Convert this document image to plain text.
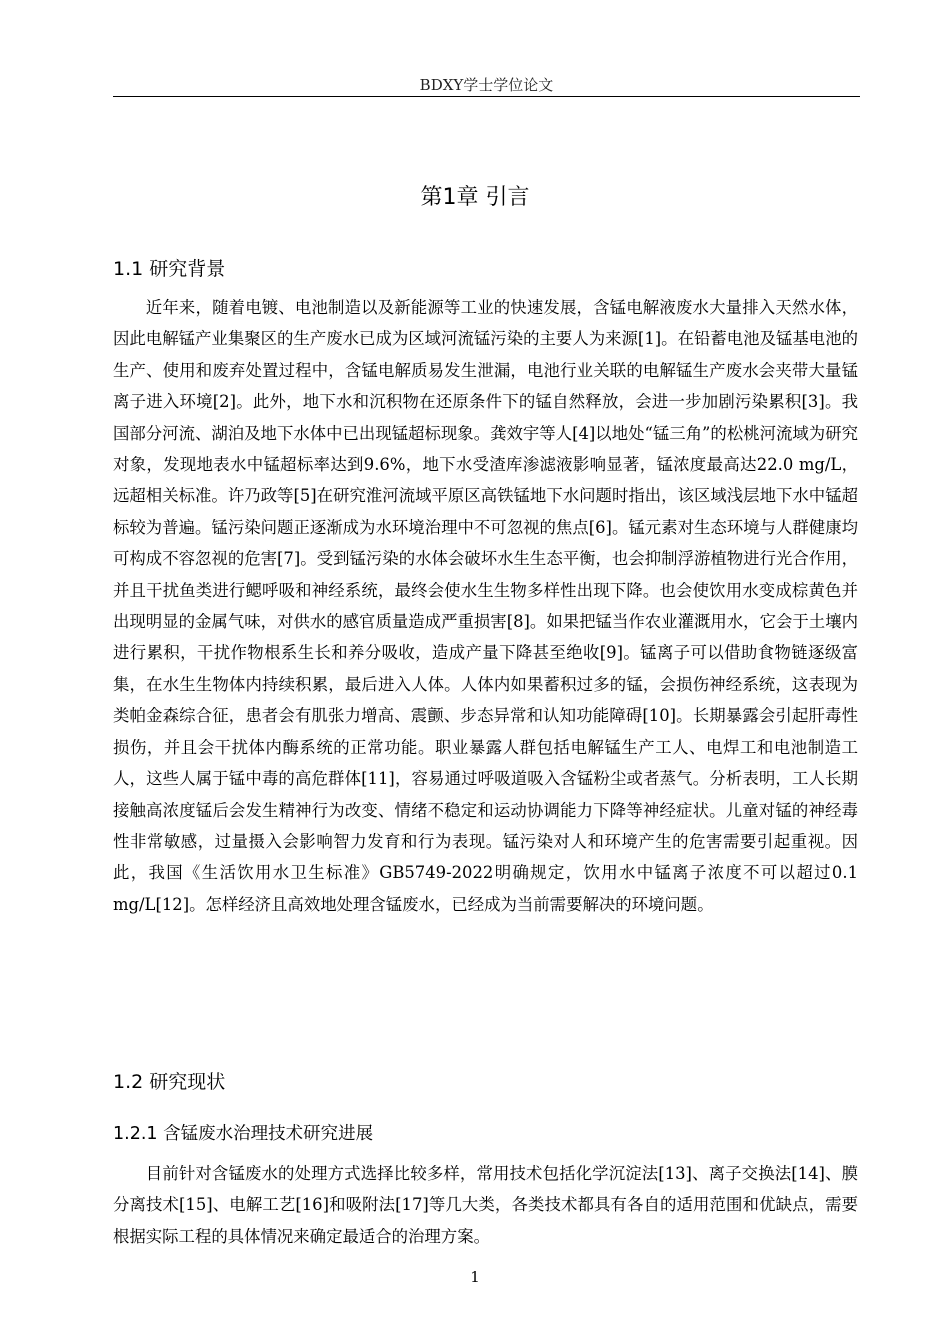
BDXY学士学位论文
第1章 引言
1.1 研究背景

近年来，随着电镀、电池制造以及新能源等工业的快速发展，含锰电解液废水大量排入天然水体，因此电解锰产业集聚区的生产废水已成为区域河流锰污染的主要人为来源[1]。在铅蓄电池及锰基电池的生产、使用和废弃处置过程中，含锰电解质易发生泄漏，电池行业关联的电解锰生产废水会夹带大量锰离子进入环境[2]。此外，地下水和沉积物在还原条件下的锰自然释放，会进一步加剧污染累积[3]。我国部分河流、湖泊及地下水体中已出现锰超标现象。龚效宇等人[4]以地处“锰三角”的松桃河流域为研究对象，发现地表水中锰超标率达到9.6%，地下水受渣库渗滤液影响显著，锰浓度最高达22.0 mg/L，远超相关标准。许乃政等[5]在研究淮河流域平原区高铁锰地下水问题时指出，该区域浅层地下水中锰超标较为普遍。锰污染问题正逐渐成为水环境治理中不可忽视的焦点[6]。锰元素对生态环境与人群健康均可构成不容忽视的危害[7]。受到锰污染的水体会破坏水生生态平衡，也会抑制浮游植物进行光合作用，并且干扰鱼类进行鳃呼吸和神经系统，最终会使水生生物多样性出现下降。也会使饮用水变成棕黄色并出现明显的金属气味，对供水的感官质量造成严重损害[8]。如果把锰当作农业灌溉用水，它会于土壤内进行累积，干扰作物根系生长和养分吸收，造成产量下降甚至绝收[9]。锰离子可以借助食物链逐级富集，在水生生物体内持续积累，最后进入人体。人体内如果蓄积过多的锰，会损伤神经系统，这表现为类帕金森综合征，患者会有肌张力增高、震颤、步态异常和认知功能障碍[10]。长期暴露会引起肝毒性损伤，并且会干扰体内酶系统的正常功能。职业暴露人群包括电解锰生产工人、电焊工和电池制造工人，这些人属于锰中毒的高危群体[11]，容易通过呼吸道吸入含锰粉尘或者蒸气。分析表明，工人长期接触高浓度锰后会发生精神行为改变、情绪不稳定和运动协调能力下降等神经症状。儿童对锰的神经毒性非常敏感，过量摄入会影响智力发育和行为表现。锰污染对人和环境产生的危害需要引起重视。因此，我国《生活饮用水卫生标准》GB5749-2022明确规定，饮用水中锰离子浓度不可以超过0.1 mg/L[12]。怎样经济且高效地处理含锰废水，已经成为当前需要解决的环境问题。

1.2 研究现状
1.2.1 含锰废水治理技术研究进展

目前针对含锰废水的处理方式选择比较多样，常用技术包括化学沉淀法[13]、离子交换法[14]、膜分离技术[15]、电解工艺[16]和吸附法[17]等几大类，各类技术都具有各自的适用范围和优缺点，需要根据实际工程的具体情况来确定最适合的治理方案。

1
